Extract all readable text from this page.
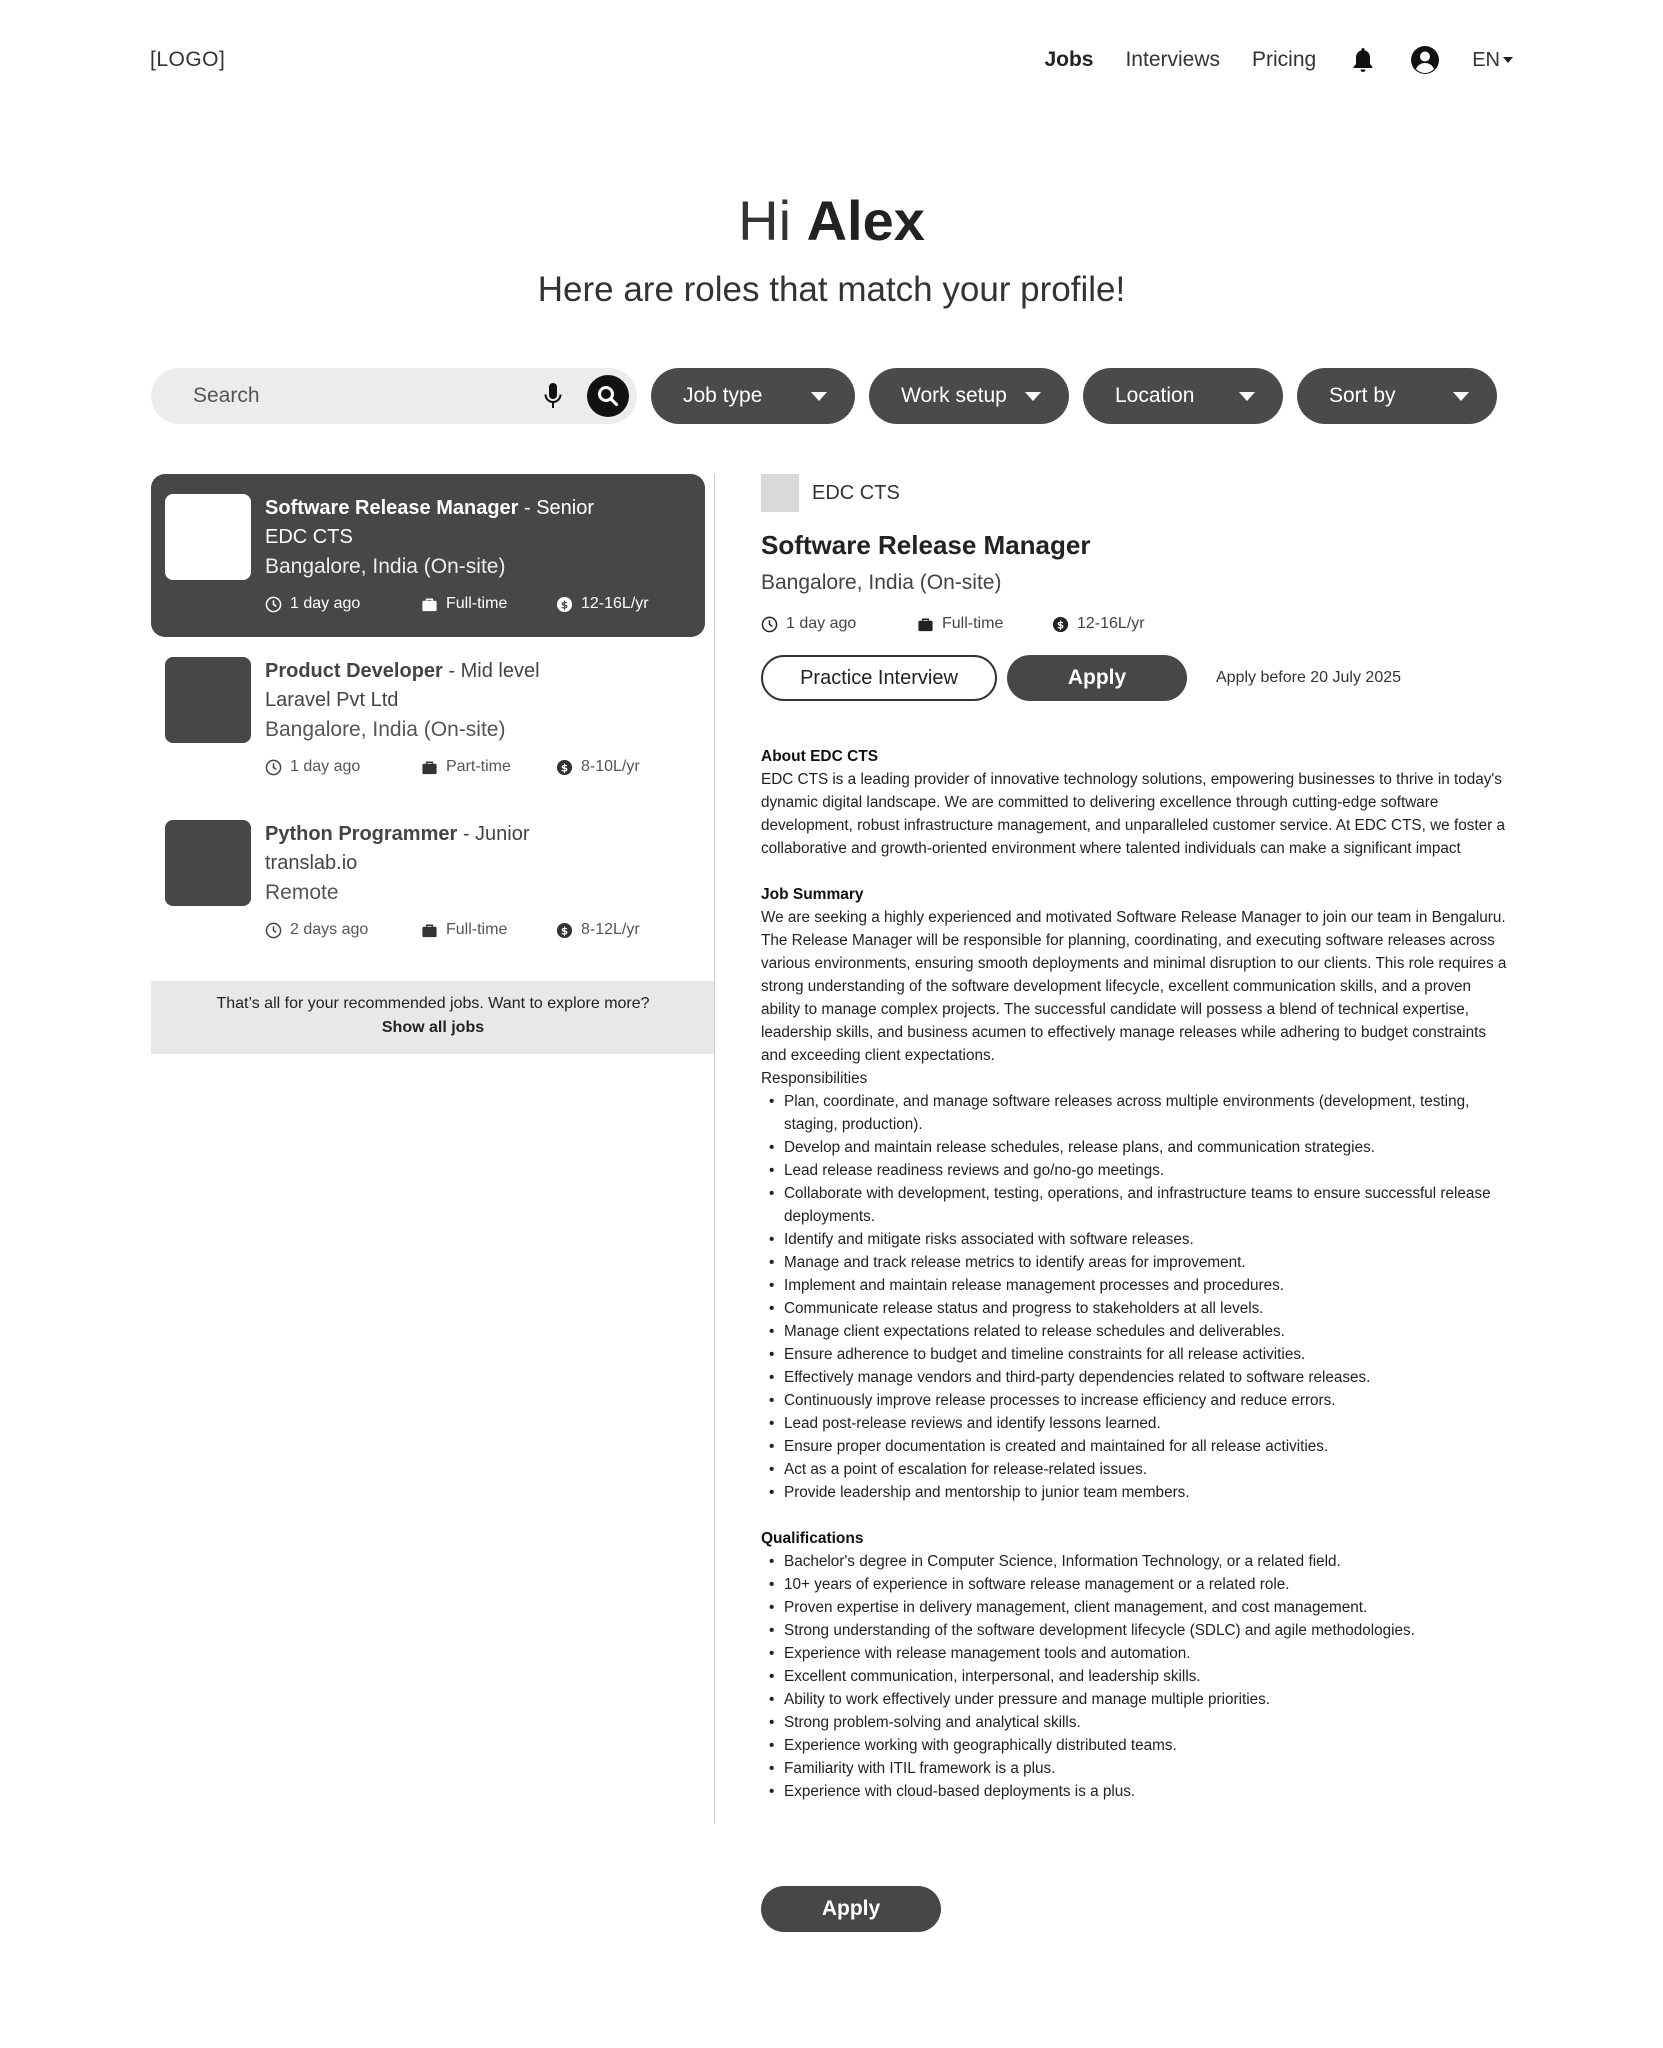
[LOGO]	Jobs Interviews Pricing	EN
Hi Alex
Here are roles that match your profile!
Search	Job type	Work setup	Location	Sort by
Software Release Manager - Senior
EDC CTS
Bangalore, India (On-site)
1 day ago	Full-time	$ 12-16L/yr
Product Developer - Mid level
Laravel Pvt Ltd
Bangalore, India (On-site)
1 day ago	Part-time	$ 8-10L/yr
Python Programmer - Junior
translab.io
Remote
2 days ago	Full-time	$ 8-12L/yr
That’s all for your recommended jobs. Want to explore more?
Show all jobs
EDC CTS
Software Release Manager
Bangalore, India (On-site)
1 day ago	Full-time	$ 12-16L/yr
Practice Interview	Apply	Apply before 20 July 2025
About EDC CTS

EDC CTS is a leading provider of innovative technology solutions, empowering businesses to thrive in today's dynamic digital landscape. We are committed to delivering excellence through cutting-edge software development, robust infrastructure management, and unparalleled customer service. At EDC CTS, we foster a collaborative and growth-oriented environment where talented individuals can make a significant impact

Job Summary

We are seeking a highly experienced and motivated Software Release Manager to join our team in Bengaluru. The Release Manager will be responsible for planning, coordinating, and executing software releases across various environments, ensuring smooth deployments and minimal disruption to our clients. This role requires a strong understanding of the software development lifecycle, excellent communication skills, and a proven ability to manage complex projects. The successful candidate will possess a blend of technical expertise, leadership skills, and business acumen to effectively manage releases while adhering to budget constraints and exceeding client expectations.

Responsibilities

• Plan, coordinate, and manage software releases across multiple environments (development, testing, staging, production).
• Develop and maintain release schedules, release plans, and communication strategies.
• Lead release readiness reviews and go/no-go meetings.
• Collaborate with development, testing, operations, and infrastructure teams to ensure successful release deployments.
• Identify and mitigate risks associated with software releases.
• Manage and track release metrics to identify areas for improvement.
• Implement and maintain release management processes and procedures.
• Communicate release status and progress to stakeholders at all levels.
• Manage client expectations related to release schedules and deliverables.
• Ensure adherence to budget and timeline constraints for all release activities.
• Effectively manage vendors and third-party dependencies related to software releases.
• Continuously improve release processes to increase efficiency and reduce errors.
• Lead post-release reviews and identify lessons learned.
• Ensure proper documentation is created and maintained for all release activities.
• Act as a point of escalation for release-related issues.
• Provide leadership and mentorship to junior team members.
Qualifications
• Bachelor's degree in Computer Science, Information Technology, or a related field.
• 10+ years of experience in software release management or a related role.
• Proven expertise in delivery management, client management, and cost management.
• Strong understanding of the software development lifecycle (SDLC) and agile methodologies.
• Experience with release management tools and automation.
• Excellent communication, interpersonal, and leadership skills.
• Ability to work effectively under pressure and manage multiple priorities.
• Strong problem-solving and analytical skills.
• Experience working with geographically distributed teams.
• Familiarity with ITIL framework is a plus.
• Experience with cloud-based deployments is a plus.
Apply
